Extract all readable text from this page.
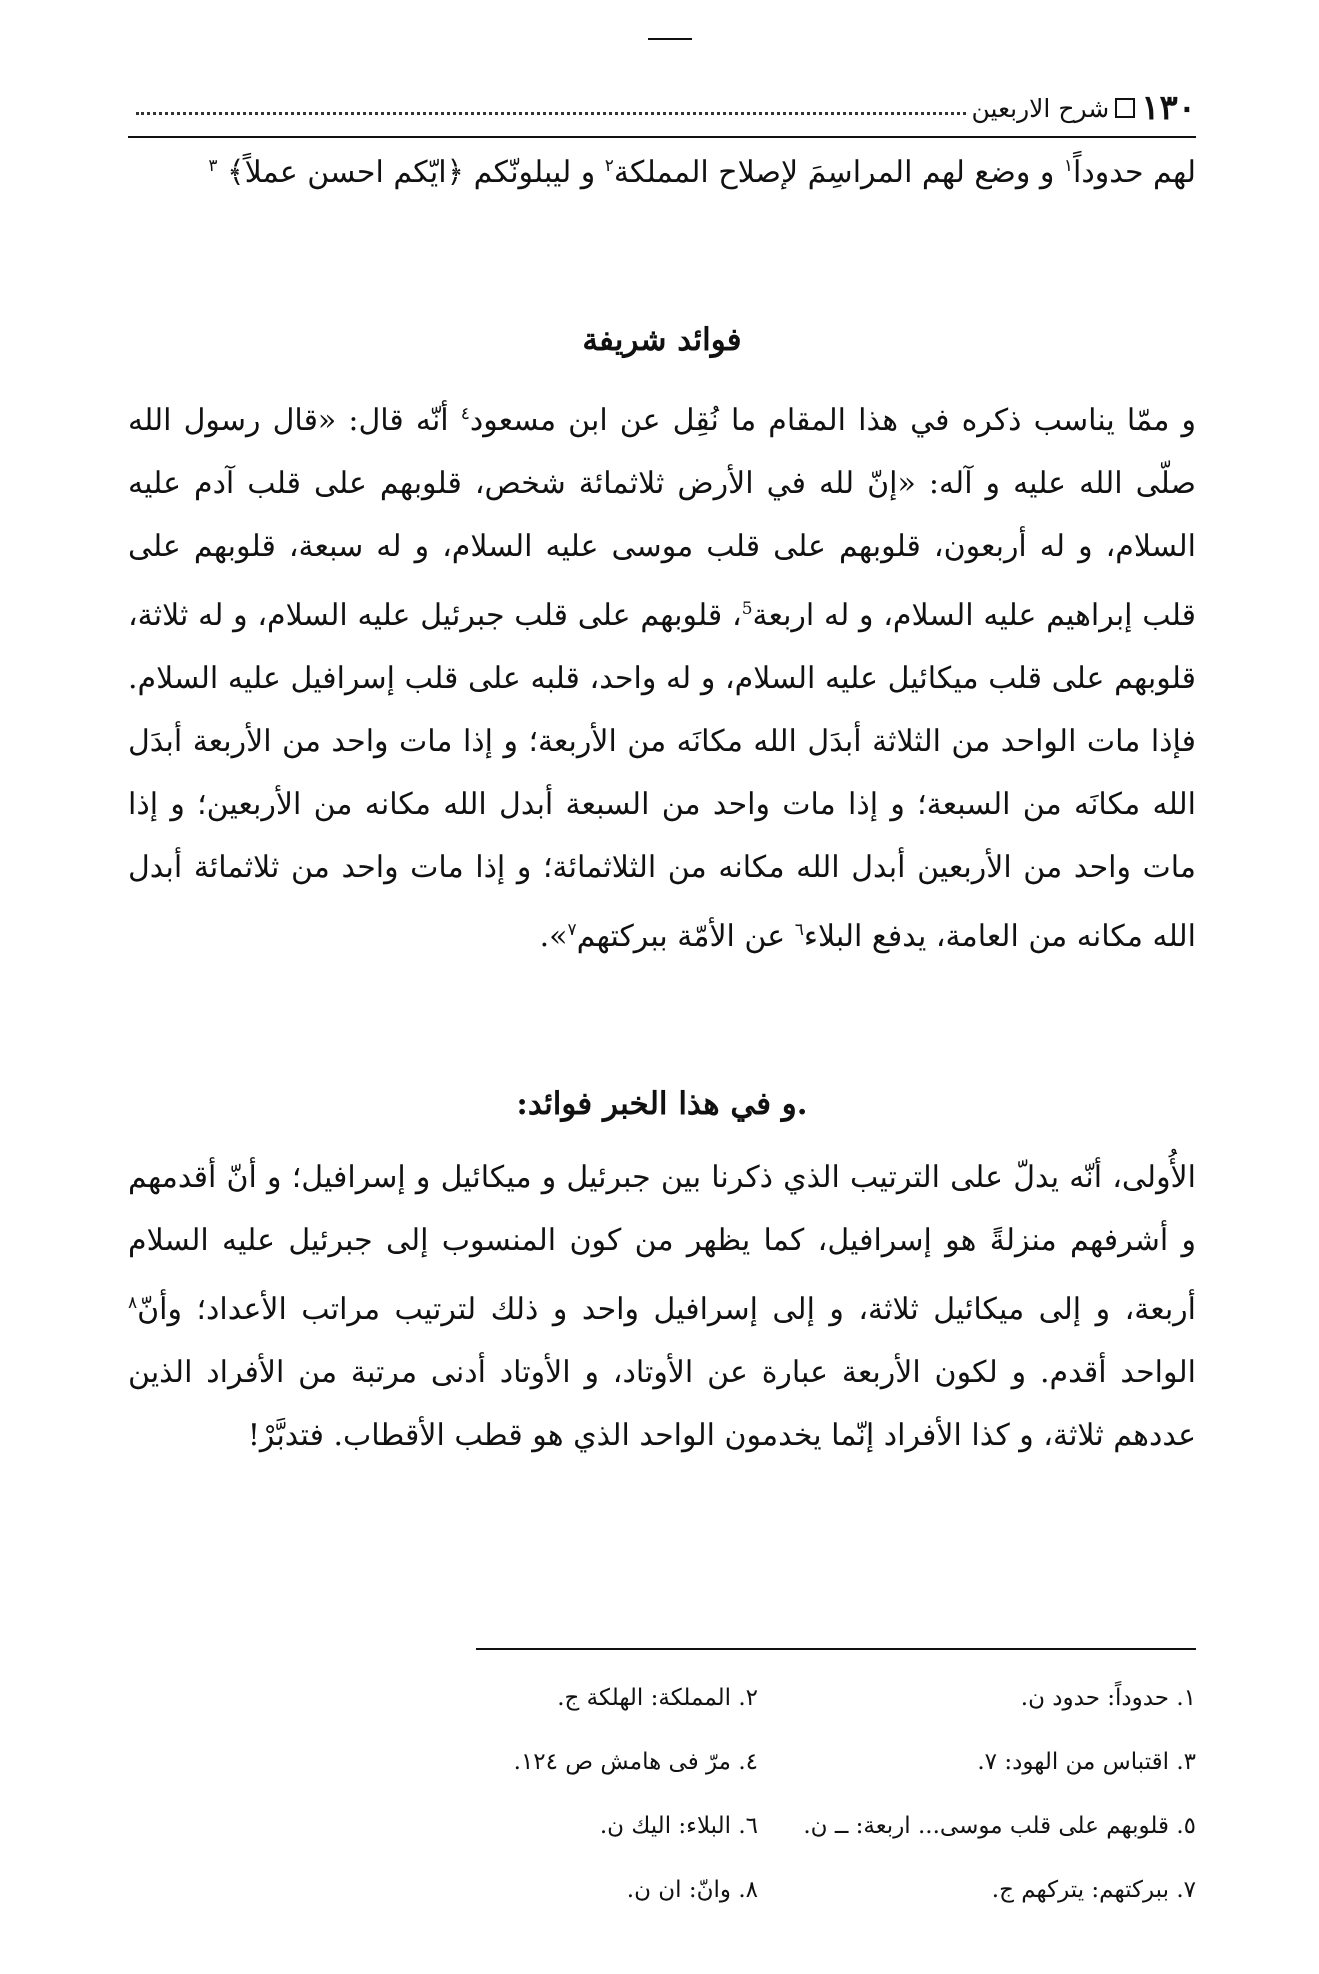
١٣٠
شرح الاربعين

لهم حدوداً$^١$ و وضع لهم المراسِمَ لإصلاح المملكة$^٢$ و ليبلونّكم ﴿ايّكم احسن عملاً﴾ $^٣$

فوائد شريفة

و ممّا يناسب ذكره في هذا المقام ما نُقِل عن ابن مسعود$^٤$ أنّه قال: «قال رسول الله صلّى الله عليه و آله: «إنّ لله في الأرض ثلاثمائة شخص، قلوبهم على قلب آدم عليه السلام، و له أربعون، قلوبهم على قلب موسى عليه السلام، و له سبعة، قلوبهم على قلب إبراهيم عليه السلام، و له اربعة$^5$، قلوبهم على قلب جبرئيل عليه السلام، و له ثلاثة، قلوبهم على قلب ميكائيل عليه السلام، و له واحد، قلبه على قلب إسرافيل عليه السلام. فإذا مات الواحد من الثلاثة أبدَل الله مكانَه من الأربعة؛ و إذا مات واحد من الأربعة أبدَل الله مكانَه من السبعة؛ و إذا مات واحد من السبعة أبدل الله مكانه من الأربعين؛ و إذا مات واحد من الأربعين أبدل الله مكانه من الثلاثمائة؛ و إذا مات واحد من ثلاثمائة أبدل الله مكانه من العامة، يدفع البلاء$^٦$ عن الأمّة ببركتهم$^٧$».

.و في هذا الخبر فوائد:

الأُولى، أنّه يدلّ على الترتيب الذي ذكرنا بين جبرئيل و ميكائيل و إسرافيل؛ و أنّ أقدمهم و أشرفهم منزلةً هو إسرافيل، كما يظهر من كون المنسوب إلى جبرئيل عليه السلام أربعة، و إلى ميكائيل ثلاثة، و إلى إسرافيل واحد و ذلك لترتيب مراتب الأعداد؛ وأنّ$^٨$ الواحد أقدم. و لكون الأربعة عبارة عن الأوتاد، و الأوتاد أدنى مرتبة من الأفراد الذين عددهم ثلاثة، و كذا الأفراد إنّما يخدمون الواحد الذي هو قطب الأقطاب. فتدبَّرْ!

١. حدوداً: حدود ن.
٢. المملكة: الهلكة ج.
٣. اقتباس من الهود: ٧.
٤. مرّ فى هامش ص ١٢٤.
٥. قلوبهم على قلب موسى... اربعة: ــ ن.
٦. البلاء: اليك ن.
٧. ببركتهم: يتركهم ج.
٨. وانّ: ان ن.
